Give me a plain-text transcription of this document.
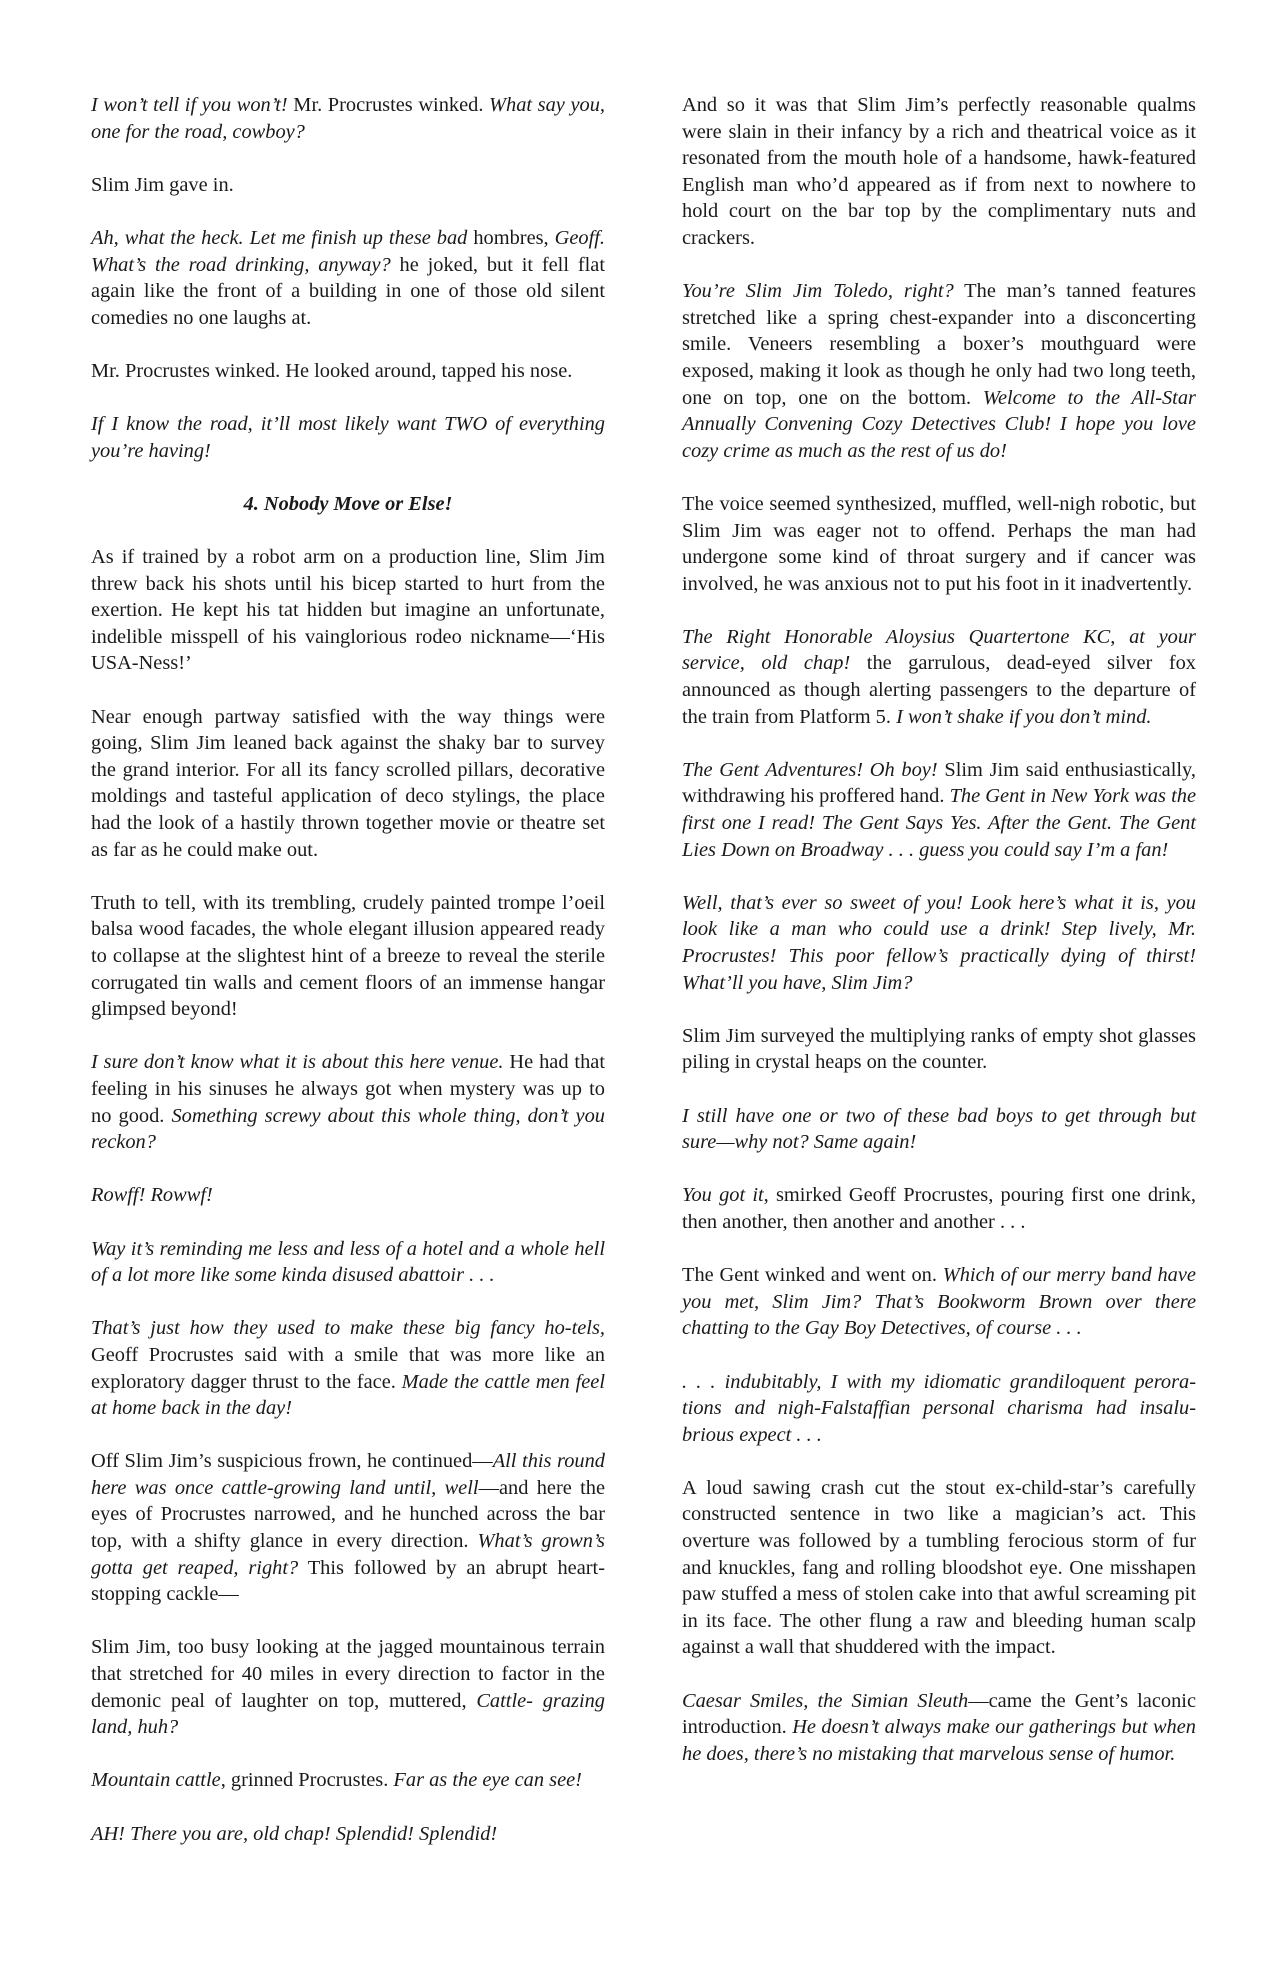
I won’t tell if you won’t! Mr. Procrustes winked. What say you, one for the road, cowboy?

Slim Jim gave in.

Ah, what the heck. Let me finish up these bad hombres, Geoff. What’s the road drinking, anyway? he joked, but it fell flat again like the front of a building in one of those old silent comedies no one laughs at.

Mr. Procrustes winked. He looked around, tapped his nose.

If I know the road, it’ll most likely want TWO of everything you’re having!

4. Nobody Move or Else!

As if trained by a robot arm on a production line, Slim Jim threw back his shots until his bicep started to hurt from the exertion. He kept his tat hidden but imagine an unfortunate, indelible misspell of his vainglorious rodeo nickname—‘His USA-Ness!’

Near enough partway satisfied with the way things were going, Slim Jim leaned back against the shaky bar to survey the grand interior. For all its fancy scrolled pillars, decorative moldings and tasteful application of deco stylings, the place had the look of a hastily thrown together movie or theatre set as far as he could make out.

Truth to tell, with its trembling, crudely painted trompe l’oeil balsa wood facades, the whole elegant illusion appeared ready to collapse at the slightest hint of a breeze to reveal the sterile corrugated tin walls and cement floors of an immense hangar glimpsed beyond!

I sure don’t know what it is about this here venue. He had that feeling in his sinuses he always got when mystery was up to no good. Something screwy about this whole thing, don’t you reckon?

Rowff! Rowwf!

Way it’s reminding me less and less of a hotel and a whole hell of a lot more like some kinda disused abattoir . . .

That’s just how they used to make these big fancy ho-tels, Geoff Procrustes said with a smile that was more like an exploratory dagger thrust to the face. Made the cattle men feel at home back in the day!

Off Slim Jim’s suspicious frown, he continued—All this round here was once cattle-growing land until, well—and here the eyes of Procrustes narrowed, and he hunched across the bar top, with a shifty glance in every direction. What’s grown’s gotta get reaped, right? This followed by an abrupt heart-stopping cackle—

Slim Jim, too busy looking at the jagged mountainous terrain that stretched for 40 miles in every direction to factor in the demonic peal of laughter on top, muttered, Cattle- grazing land, huh?

Mountain cattle, grinned Procrustes. Far as the eye can see!

AH! There you are, old chap! Splendid! Splendid!

And so it was that Slim Jim’s perfectly reasonable qualms were slain in their infancy by a rich and theatrical voice as it resonated from the mouth hole of a handsome, hawk-featured English man who’d appeared as if from next to nowhere to hold court on the bar top by the complimentary nuts and crackers.

You’re Slim Jim Toledo, right? The man’s tanned features stretched like a spring chest-expander into a disconcerting smile. Veneers resembling a boxer’s mouthguard were exposed, making it look as though he only had two long teeth, one on top, one on the bottom. Welcome to the All-Star Annually Convening Cozy Detectives Club! I hope you love cozy crime as much as the rest of us do!

The voice seemed synthesized, muffled, well-nigh robotic, but Slim Jim was eager not to offend. Perhaps the man had undergone some kind of throat surgery and if cancer was involved, he was anxious not to put his foot in it inadvertently.

The Right Honorable Aloysius Quartertone KC, at your service, old chap! the garrulous, dead-eyed silver fox announced as though alerting passengers to the departure of the train from Platform 5. I won’t shake if you don’t mind.

The Gent Adventures! Oh boy! Slim Jim said enthusiastically, withdrawing his proffered hand. The Gent in New York was the first one I read! The Gent Says Yes. After the Gent. The Gent Lies Down on Broadway . . . guess you could say I’m a fan!

Well, that’s ever so sweet of you! Look here’s what it is, you look like a man who could use a drink! Step lively, Mr. Procrustes! This poor fellow’s practically dying of thirst! What’ll you have, Slim Jim?

Slim Jim surveyed the multiplying ranks of empty shot glasses piling in crystal heaps on the counter.

I still have one or two of these bad boys to get through but sure—why not? Same again!

You got it, smirked Geoff Procrustes, pouring first one drink, then another, then another and another . . .

The Gent winked and went on. Which of our merry band have you met, Slim Jim? That’s Bookworm Brown over there chatting to the Gay Boy Detectives, of course . . .

. . . indubitably, I with my idiomatic grandiloquent perora-tions and nigh-Falstaffian personal charisma had insalu-brious expect . . .

A loud sawing crash cut the stout ex-child-star’s carefully constructed sentence in two like a magician’s act. This overture was followed by a tumbling ferocious storm of fur and knuckles, fang and rolling bloodshot eye. One misshapen paw stuffed a mess of stolen cake into that awful screaming pit in its face. The other flung a raw and bleeding human scalp against a wall that shuddered with the impact.

Caesar Smiles, the Simian Sleuth—came the Gent’s laconic introduction. He doesn’t always make our gatherings but when he does, there’s no mistaking that marvelous sense of humor.
